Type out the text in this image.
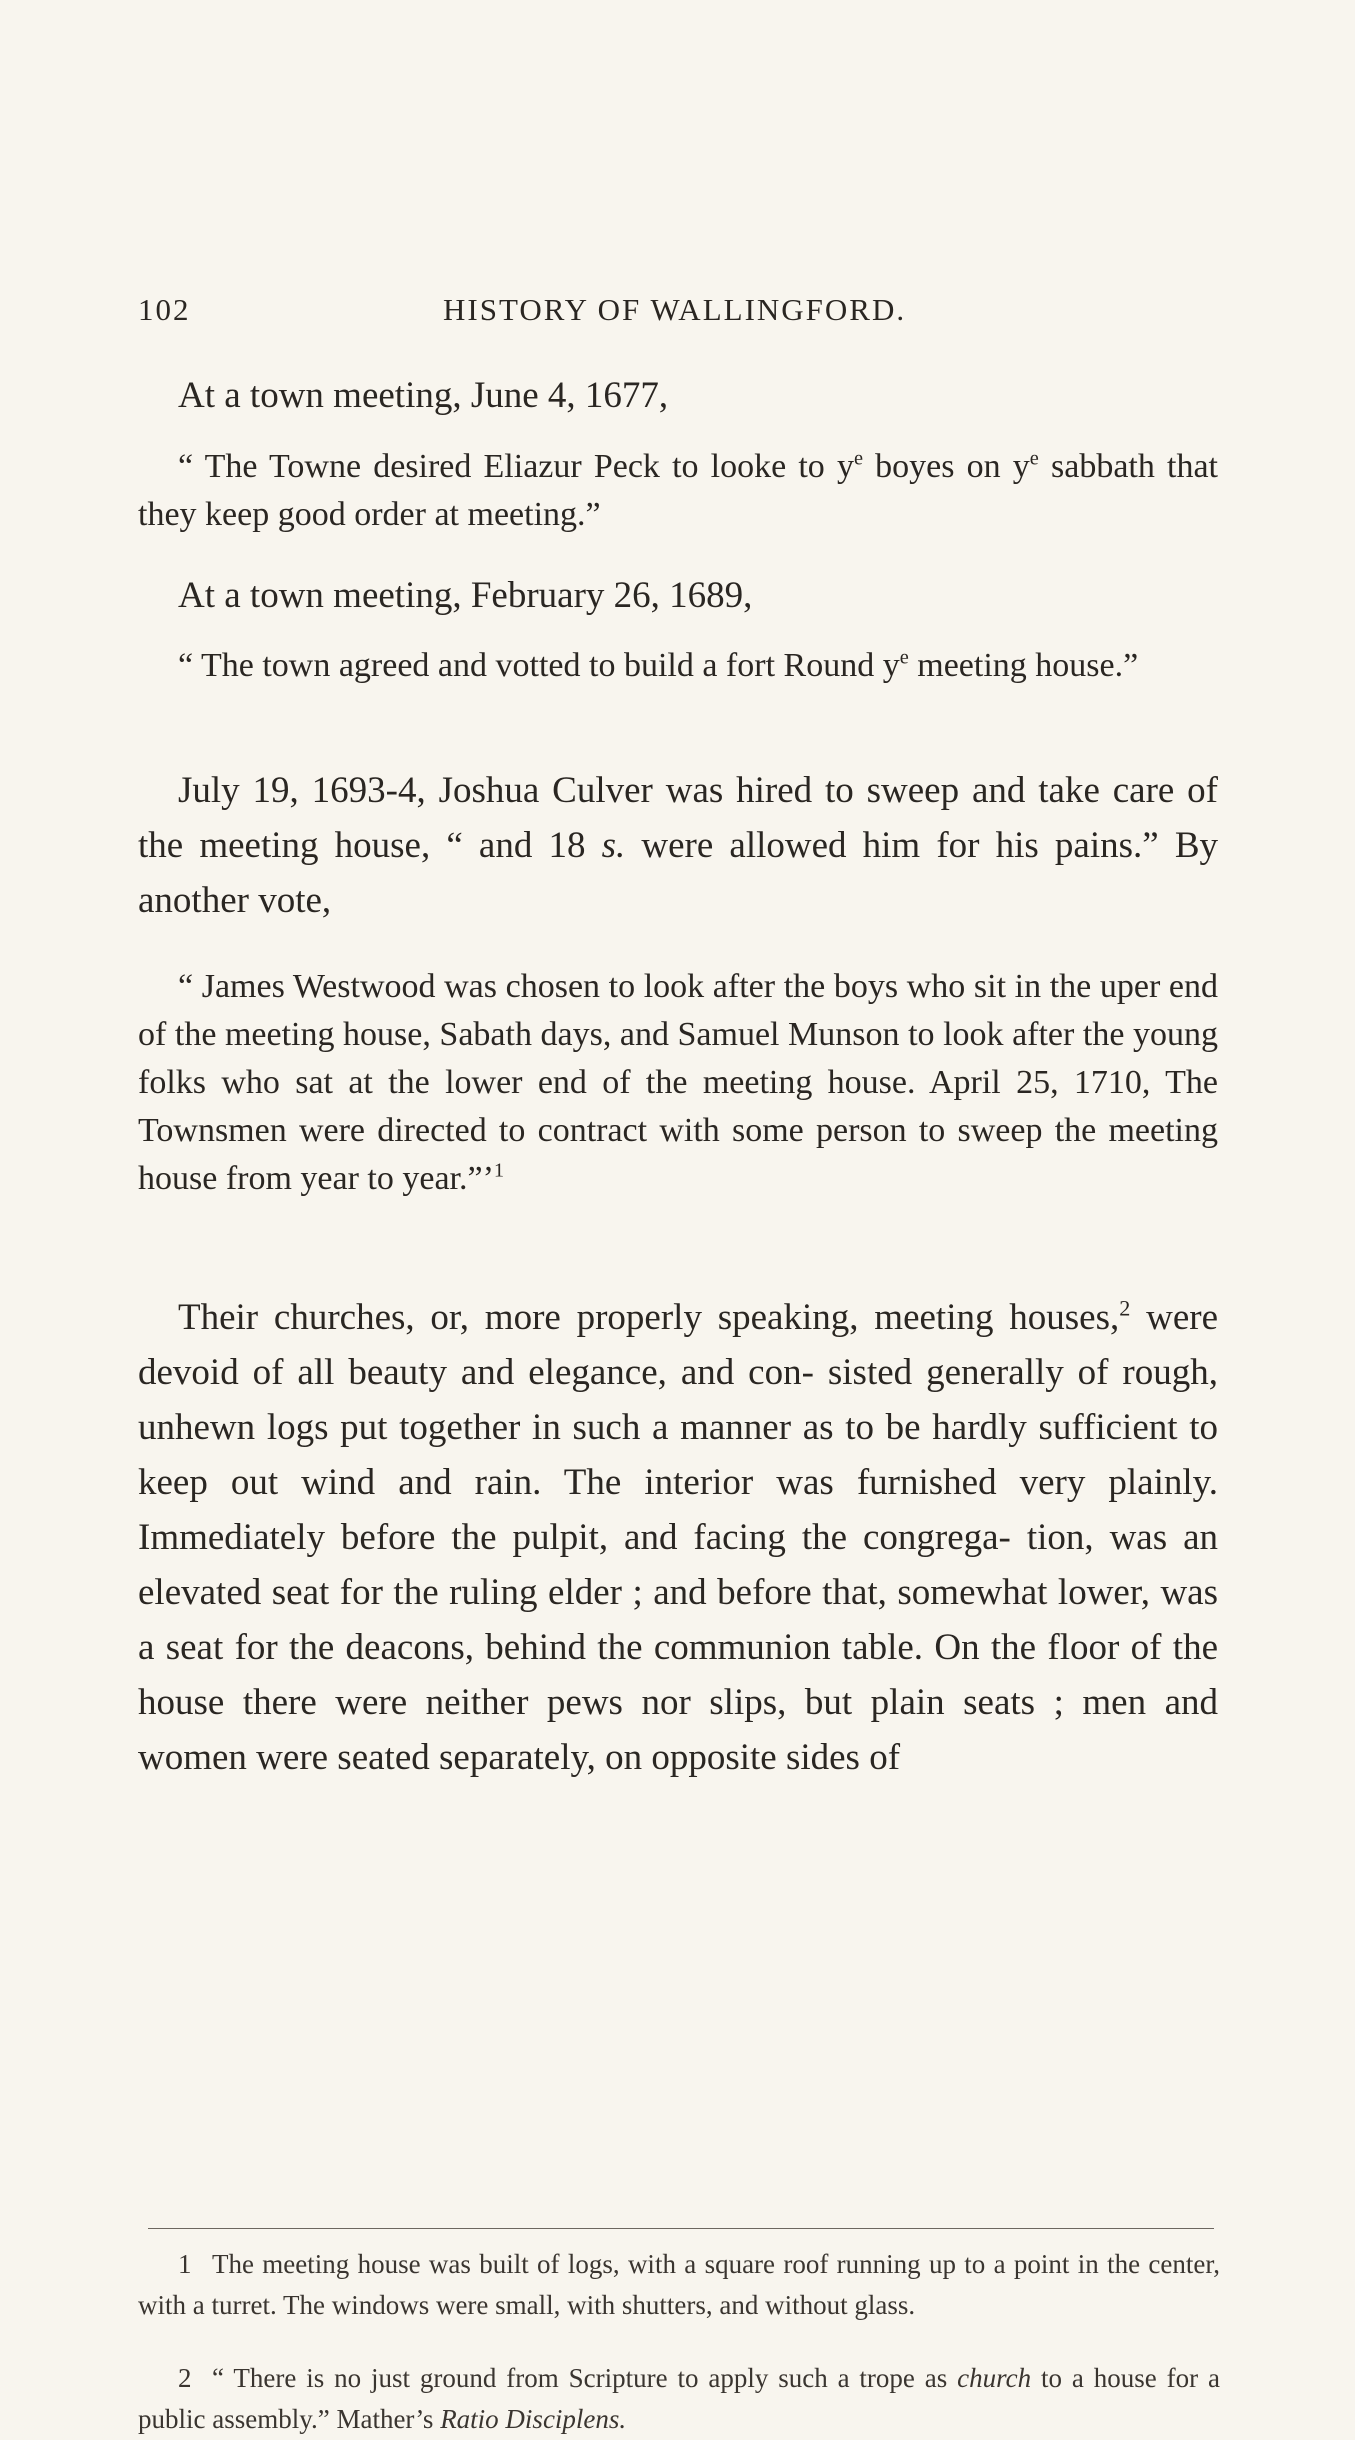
102	HISTORY OF WALLINGFORD.

At a town meeting, June 4, 1677,

“ The Towne desired Eliazur Peck to looke to $y^e$ boyes on $y^e$ sabbath that they keep good order at meeting.”

At a town meeting, February 26, 1689,

“ The town agreed and votted to build a fort Round $y^e$ meeting house.”

July 19, 1693-4, Joshua Culver was hired to sweep and take care of the meeting house, “ and 18 s. were allowed him for his pains.” By another vote,

“ James Westwood was chosen to look after the boys who sit in the uper end of the meeting house, Sabath days, and Samuel Munson to look after the young folks who sat at the lower end of the meeting house. April 25, 1710, The Townsmen were directed to contract with some person to sweep the meeting house from year to year.”’$^1$

Their churches, or, more properly speaking, meeting houses,$^2$ were devoid of all beauty and elegance, and con- sisted generally of rough, unhewn logs put together in such a manner as to be hardly sufficient to keep out wind and rain. The interior was furnished very plainly. Immediately before the pulpit, and facing the congrega- tion, was an elevated seat for the ruling elder ; and before that, somewhat lower, was a seat for the deacons, behind the communion table. On the floor of the house there were neither pews nor slips, but plain seats ; men and women were seated separately, on opposite sides of

1 The meeting house was built of logs, with a square roof running up to a point in the center, with a turret. The windows were small, with shutters, and without glass.

2 “ There is no just ground from Scripture to apply such a trope as church to a house for a public assembly.” Mather’s Ratio Disciplens.
